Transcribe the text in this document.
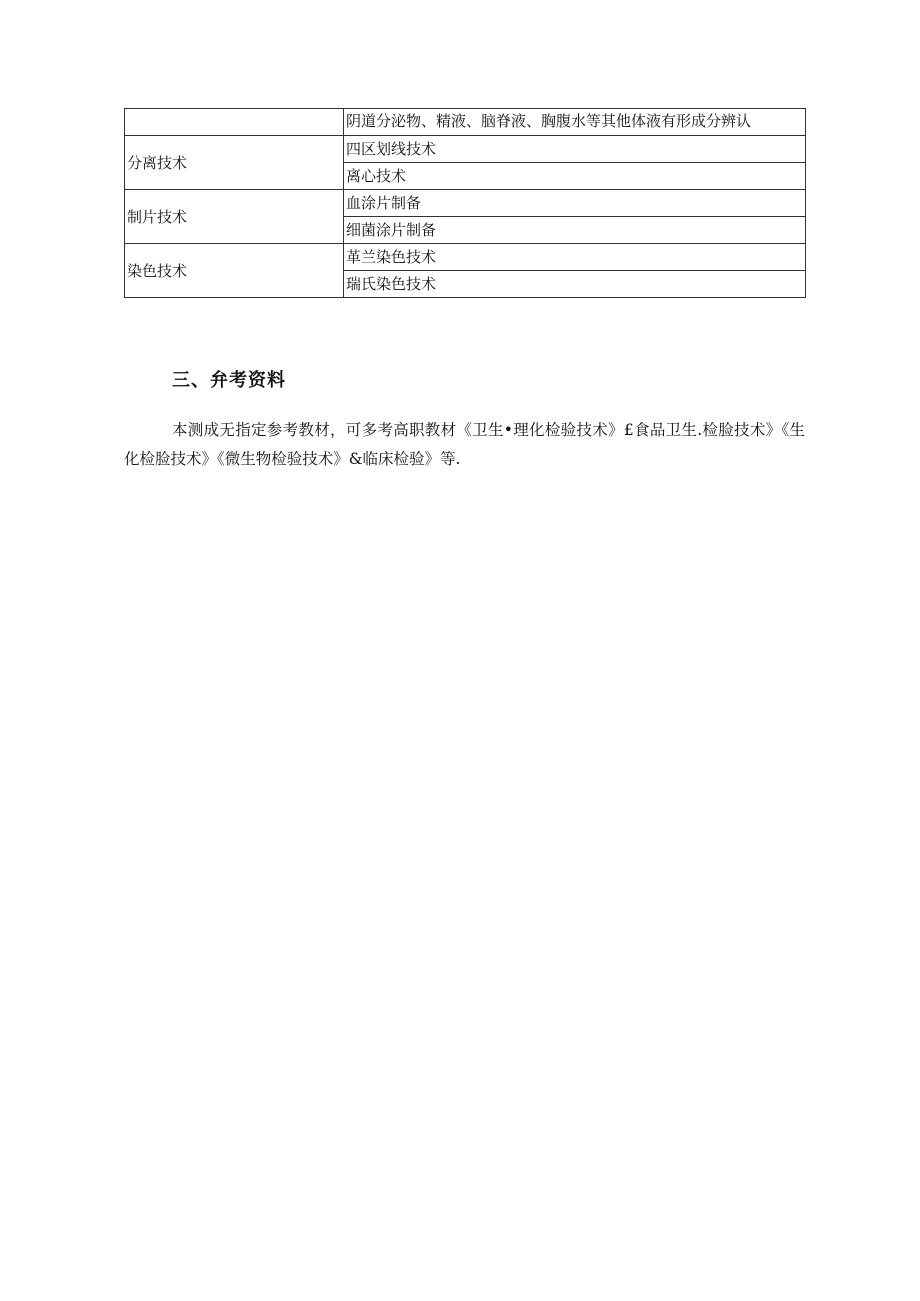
	阴道分泌物、精液、脑脊液、胸腹水等其他体液有形成分辨认
分离技术	四区划线技术
	离心技术
制片技术	血涂片制备
	细菌涂片制备
染色技术	革兰染色技术
	瑞氏染色技术
三、弁考资料

本测成无指定参考教材，可多考高职教材《卫生•理化检验技术》£食品卫生.检脸技术》《生化检脸技术》《微生物检验技术》&临床检验》等.
